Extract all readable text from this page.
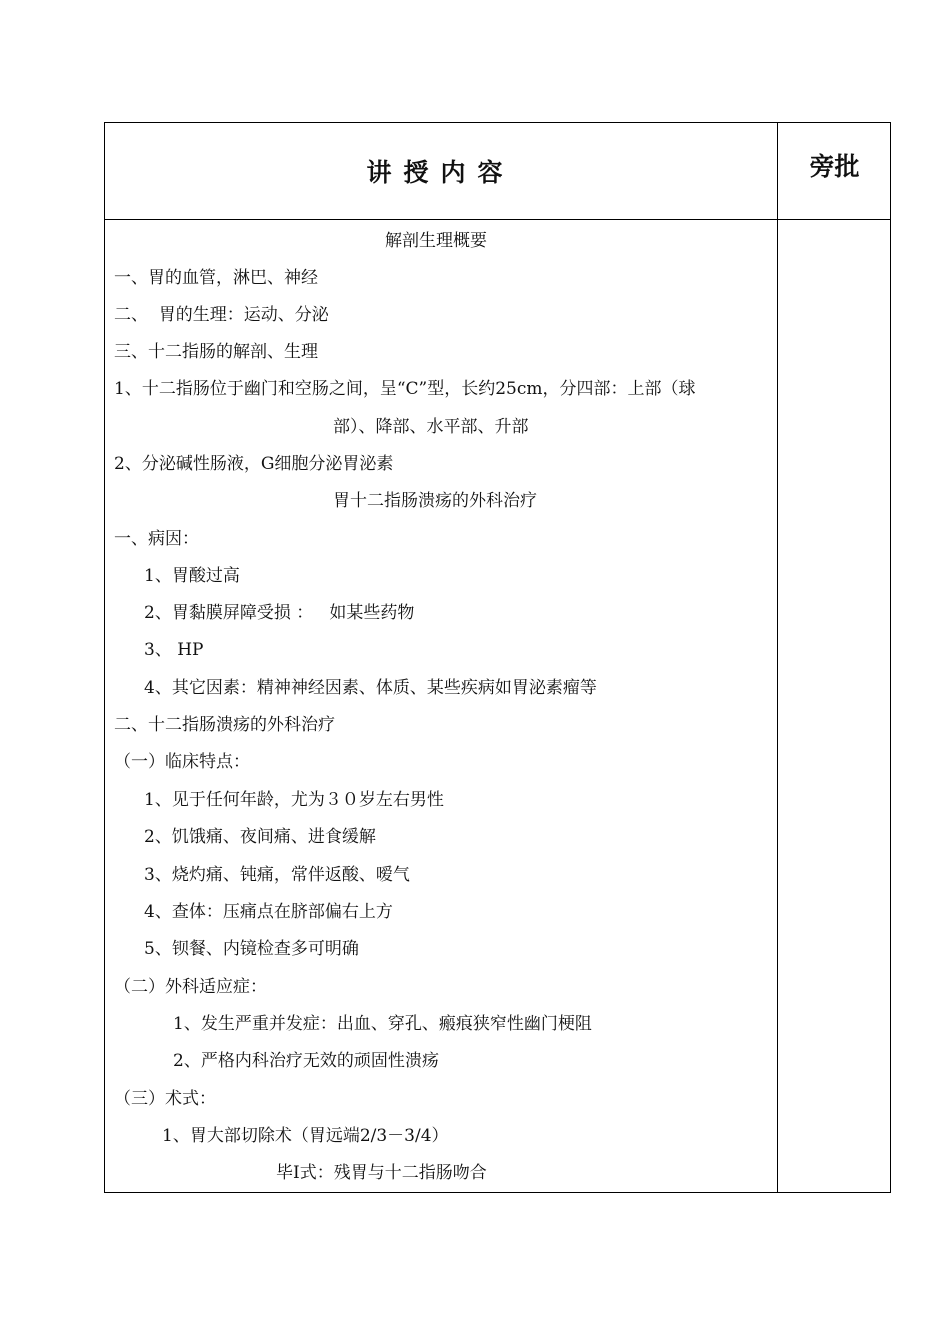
讲授内容	旁批
解剖生理概要
一、胃的血管，淋巴、神经
二、  胃的生理：运动、分泌
三、十二指肠的解剖、生理
1、十二指肠位于幽门和空肠之间，呈“C”型，长约25cm，分四部：上部（球
部）、降部、水平部、升部
2、分泌碱性肠液，G细胞分泌胃泌素
胃十二指肠溃疡的外科治疗
一、病因：
1、胃酸过高
2、胃黏膜屏障受损 ：   如某些药物
3、 HP
4、其它因素：精神神经因素、体质、某些疾病如胃泌素瘤等
二、十二指肠溃疡的外科治疗
（一）临床特点：
1、见于任何年龄，尤为３０岁左右男性
2、饥饿痛、夜间痛、进食缓解
3、烧灼痛、钝痛，常伴返酸、嗳气
4、查体：压痛点在脐部偏右上方
5、钡餐、内镜检查多可明确
（二）外科适应症：
1、发生严重并发症：出血、穿孔、瘢痕狭窄性幽门梗阻
2、严格内科治疗无效的顽固性溃疡
（三）术式：
1、胃大部切除术（胃远端2/3－3/4）
毕Ⅰ式：残胃与十二指肠吻合
